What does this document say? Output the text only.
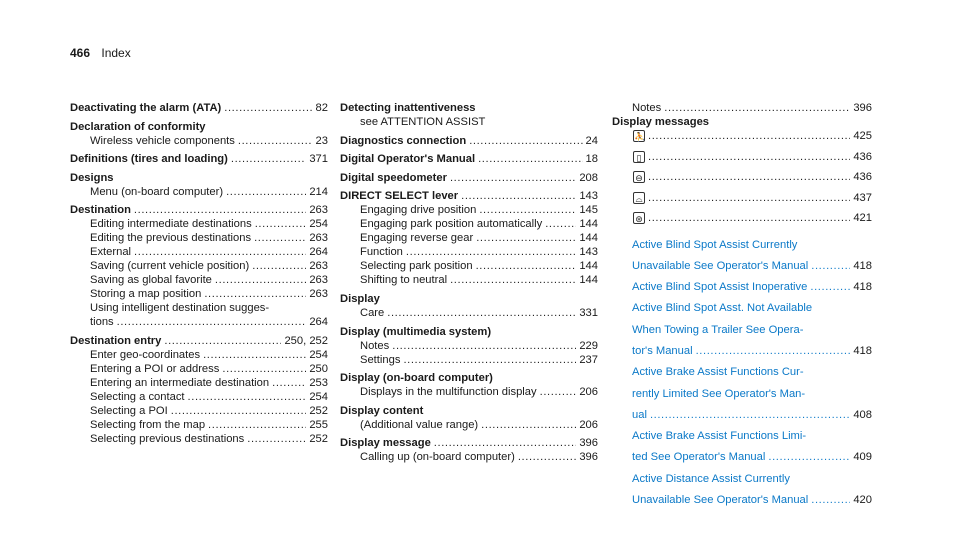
466 Index
Deactivating the alarm (ATA) .....	82
Declaration of conformity
Wireless vehicle components .....	23
Definitions (tires and loading) .....	371
Designs
Menu (on-board computer) .....	214
Destination .....	263
Editing intermediate destinations .....	254
Editing the previous destinations .....	263
External .....	264
Saving (current vehicle position) .....	263
Saving as global favorite .....	263
Storing a map position .....	263
Using intelligent destination sugges-
tions .....	264
Destination entry .....	250, 252
Enter geo-coordinates .....	254
Entering a POI or address .....	250
Entering an intermediate destination .....	253
Selecting a contact .....	254
Selecting a POI .....	252
Selecting from the map .....	255
Selecting previous destinations .....	252
Detecting inattentiveness
see ATTENTION ASSIST
Diagnostics connection .....	24
Digital Operator's Manual .....	18
Digital speedometer .....	208
DIRECT SELECT lever .....	143
Engaging drive position .....	145
Engaging park position automatically .....	144
Engaging reverse gear .....	144
Function .....	143
Selecting park position .....	144
Shifting to neutral .....	144
Display
Care .....	331
Display (multimedia system)
Notes .....	229
Settings .....	237
Display (on-board computer)
Displays in the multifunction display .....	206
Display content
(Additional value range) .....	206
Display message .....	396
Calling up (on-board computer) .....	396
Notes .....	396
Display messages
⛹ .....	425
▯ .....	436
⊖ .....	436
⌓ .....	437
⊛ .....	421
Active Blind Spot Assist Currently
Unavailable See Operator's Manual .....	418
Active Blind Spot Assist Inoperative .....	418
Active Blind Spot Asst. Not Available
When Towing a Trailer See Opera-
tor's Manual .....	418
Active Brake Assist Functions Cur-
rently Limited See Operator's Man-
ual .....	408
Active Brake Assist Functions Limi-
ted See Operator's Manual .....	409
Active Distance Assist Currently
Unavailable See Operator's Manual .....	420
